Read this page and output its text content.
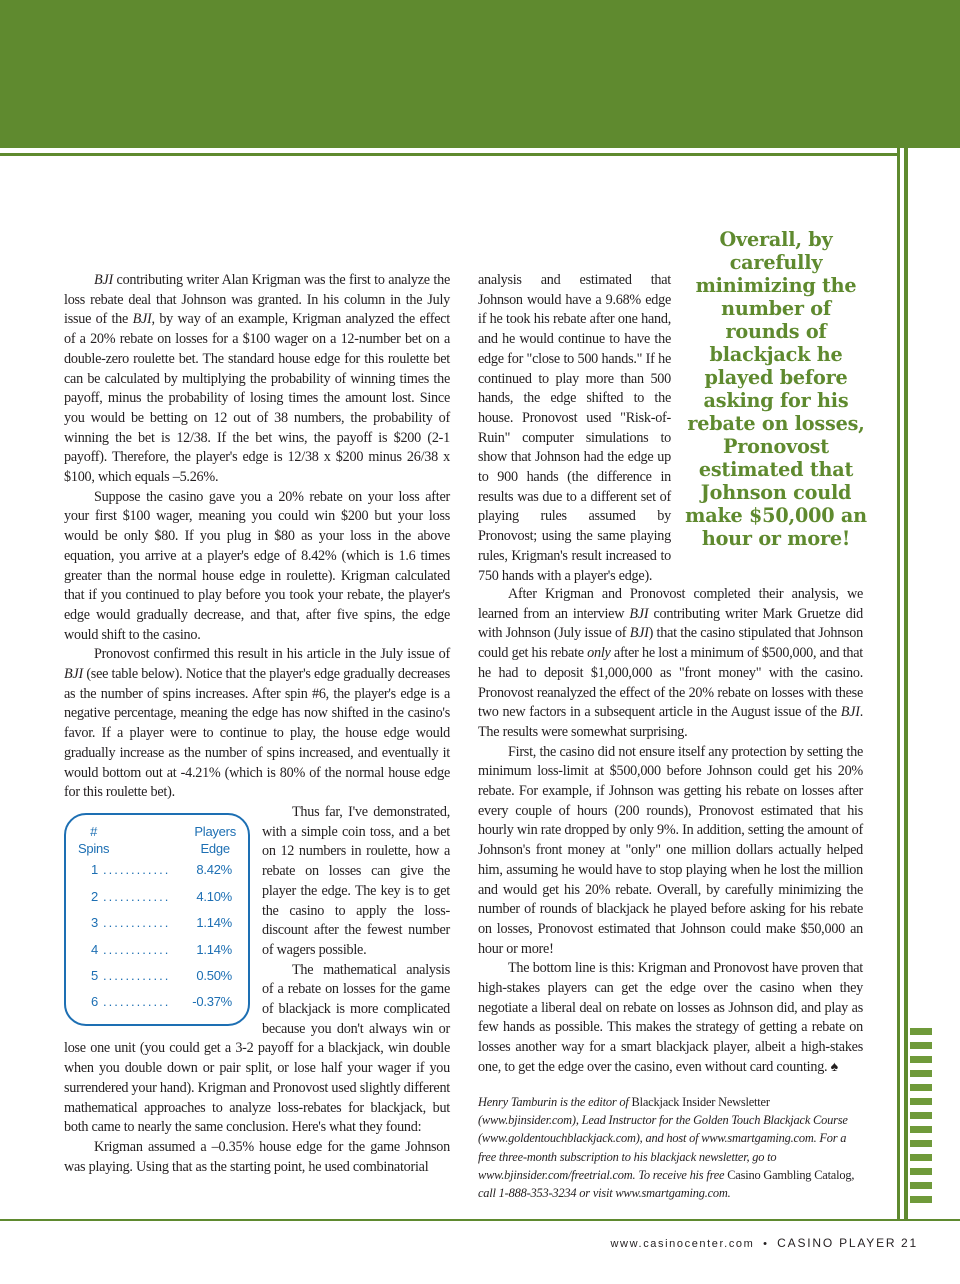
Overall, by carefully minimizing the number of rounds of blackjack he played before asking for his rebate on losses, Pronovost estimated that Johnson could make $50,000 an hour or more!

BJI contributing writer Alan Krigman was the first to analyze the loss rebate deal that Johnson was granted. In his column in the July issue of the BJI, by way of an example, Krigman analyzed the effect of a 20% rebate on losses for a $100 wager on a 12-number bet on a double-zero roulette bet. The standard house edge for this roulette bet can be calculated by multiplying the probability of winning times the payoff, minus the probability of losing times the amount lost. Since you would be betting on 12 out of 38 numbers, the probability of winning the bet is 12/38. If the bet wins, the payoff is $200 (2-1 payoff). Therefore, the player's edge is 12/38 x $200 minus 26/38 x $100, which equals –5.26%.

Suppose the casino gave you a 20% rebate on your loss after your first $100 wager, meaning you could win $200 but your loss would be only $80. If you plug in $80 as your loss in the above equation, you arrive at a player's edge of 8.42% (which is 1.6 times greater than the normal house edge in roulette). Krigman calculated that if you continued to play before you took your rebate, the player's edge would gradually decrease, and that, after five spins, the edge would shift to the casino.

Pronovost confirmed this result in his article in the July issue of BJI (see table below). Notice that the player's edge gradually decreases as the number of spins increases. After spin #6, the player's edge is a negative percentage, meaning the edge has now shifted in the casino's favor. If a player were to continue to play, the house edge would gradually increase as the number of spins increased, and eventually it would bottom out at -4.21% (which is 80% of the normal house edge for this roulette bet).

#
Spins
Players
Edge
1 ............	8.42%
2 ............	4.10%
3 ............	1.14%
4 ............	1.14%
5 ............	0.50%
6 ............	-0.37%

Thus far, I've demonstrated, with a simple coin toss, and a bet on 12 numbers in roulette, how a rebate on losses can give the player the edge. The key is to get the casino to apply the loss-discount after the fewest number of wagers possible.

The mathematical analysis of a rebate on losses for the game of blackjack is more complicated because you don't always win or lose one unit (you could get a 3-2 payoff for a blackjack, win double when you double down or pair split, or lose half your wager if you surrendered your hand). Krigman and Pronovost used slightly different mathematical approaches to analyze loss-rebates for blackjack, but both came to nearly the same conclusion. Here's what they found:

Krigman assumed a –0.35% house edge for the game Johnson was playing. Using that as the starting point, he used combinatorial

analysis and estimated that Johnson would have a 9.68% edge if he took his rebate after one hand, and he would continue to have the edge for "close to 500 hands." If he continued to play more than 500 hands, the edge shifted to the house. Pronovost used "Risk-of-Ruin" computer simulations to show that Johnson had the edge up to 900 hands (the difference in results was due to a different set of playing rules assumed by Pronovost; using the same playing rules, Krigman's result increased to 750 hands with a player's edge).

After Krigman and Pronovost completed their analysis, we learned from an interview BJI contributing writer Mark Gruetze did with Johnson (July issue of BJI) that the casino stipulated that Johnson could get his rebate only after he lost a minimum of $500,000, and that he had to deposit $1,000,000 as "front money" with the casino. Pronovost reanalyzed the effect of the 20% rebate on losses with these two new factors in a subsequent article in the August issue of the BJI. The results were somewhat surprising.

First, the casino did not ensure itself any protection by setting the minimum loss-limit at $500,000 before Johnson could get his 20% rebate. For example, if Johnson was getting his rebate on losses after every couple of hours (200 rounds), Pronovost estimated that his hourly win rate dropped by only 9%. In addition, setting the amount of Johnson's front money at "only" one million dollars actually helped him, assuming he would have to stop playing when he lost the million and would get his 20% rebate. Overall, by carefully minimizing the number of rounds of blackjack he played before asking for his rebate on losses, Pronovost estimated that Johnson could make $50,000 an hour or more!

The bottom line is this: Krigman and Pronovost have proven that high-stakes players can get the edge over the casino when they negotiate a liberal deal on rebate on losses as Johnson did, and play as few hands as possible. This makes the strategy of getting a rebate on losses another way for a smart blackjack player, albeit a high-stakes one, to get the edge over the casino, even without card counting. ♠

Henry Tamburin is the editor of Blackjack Insider Newsletter (www.bjinsider.com), Lead Instructor for the Golden Touch Blackjack Course (www.goldentouchblackjack.com), and host of www.smartgaming.com. For a free three-month subscription to his blackjack newsletter, go to www.bjinsider.com/freetrial.com. To receive his free Casino Gambling Catalog, call 1-888-353-3234 or visit www.smartgaming.com.
www.casinocenter.com • CASINO PLAYER 21
